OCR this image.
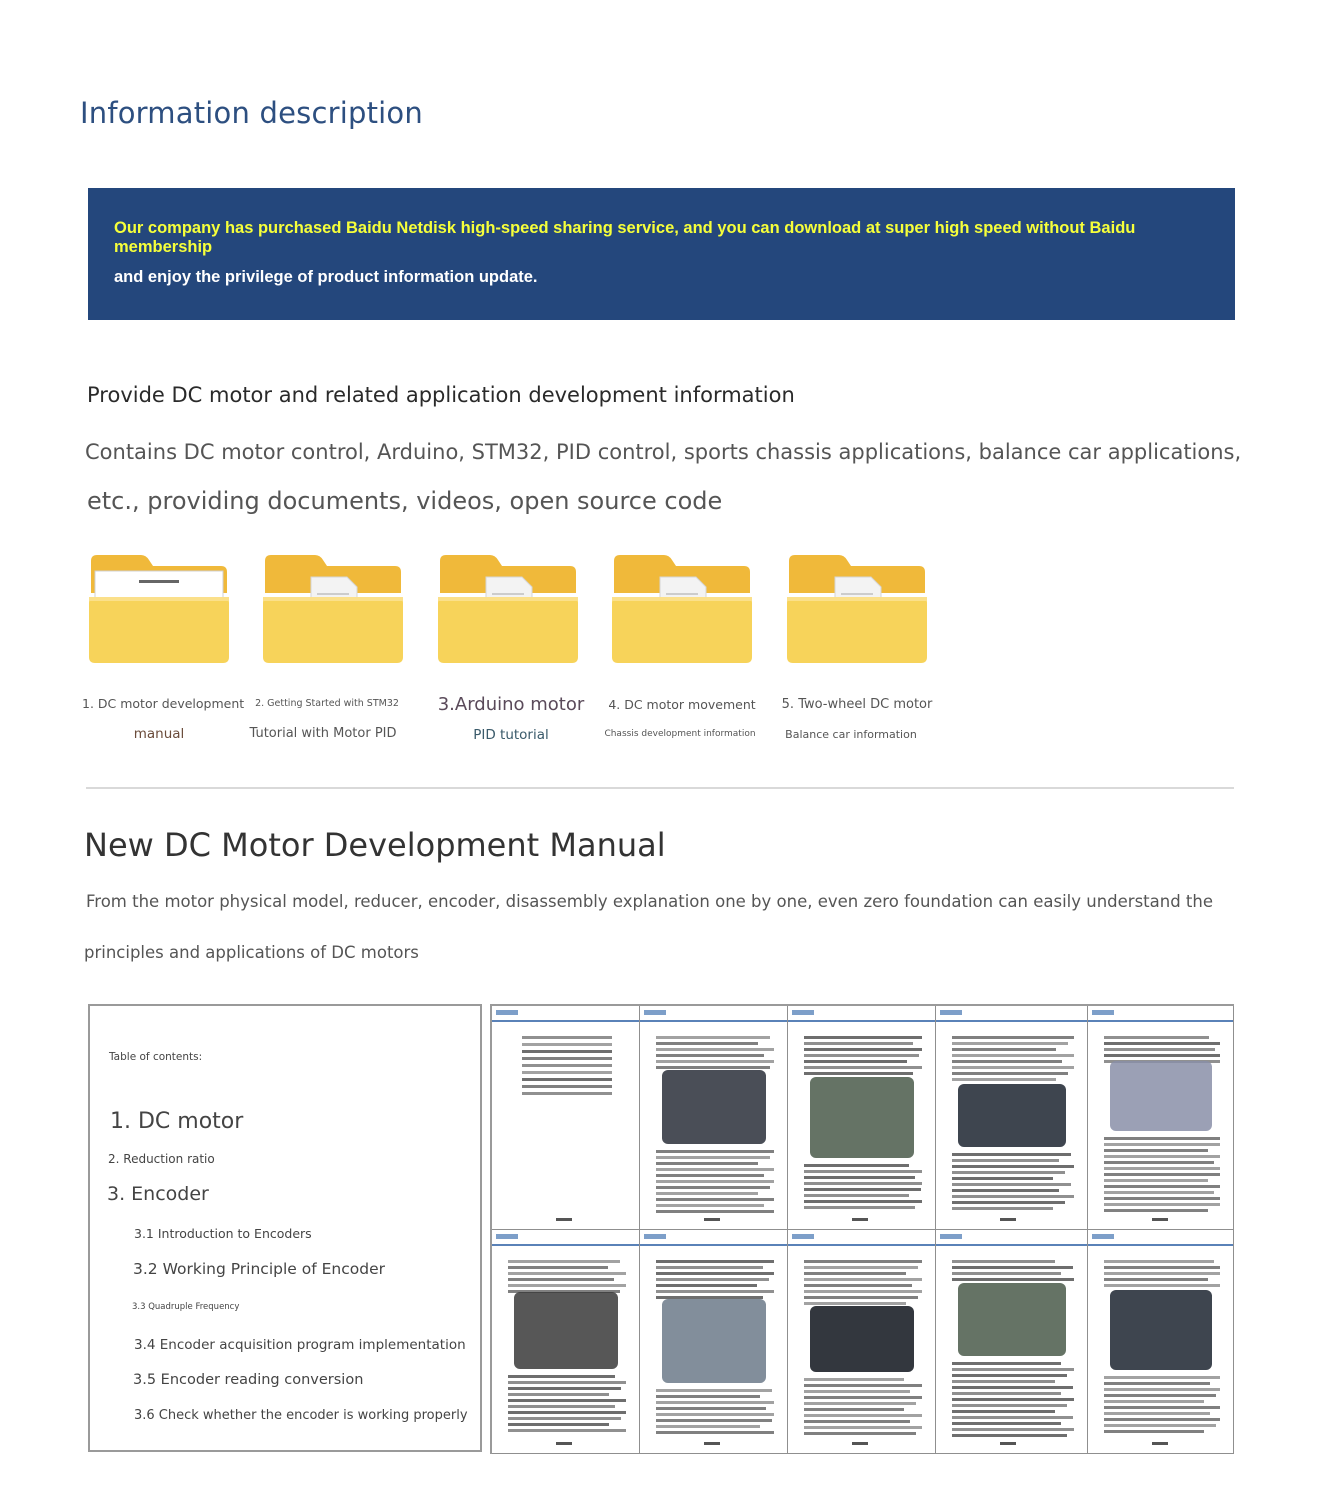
Information description
Our company has purchased Baidu Netdisk high-speed sharing service, and you can download at super high speed without Baidu membership
and enjoy the privilege of product information update.
Provide DC motor and related application development information
Contains DC motor control, Arduino, STM32, PID control, sports chassis applications, balance car applications,
etc., providing documents, videos, open source code
1. DC motor development
manual
2. Getting Started with STM32
Tutorial with Motor PID
3.Arduino motor
PID tutorial
4. DC motor movement
Chassis development information
5. Two-wheel DC motor
Balance car information
New DC Motor Development Manual
From the motor physical model, reducer, encoder, disassembly explanation one by one, even zero foundation can easily understand the
principles and applications of DC motors
Table of contents:
1. DC motor
2. Reduction ratio
3. Encoder
3.1 Introduction to Encoders
3.2 Working Principle of Encoder
3.3 Quadruple Frequency
3.4 Encoder acquisition program implementation
3.5 Encoder reading conversion
3.6 Check whether the encoder is working properly
